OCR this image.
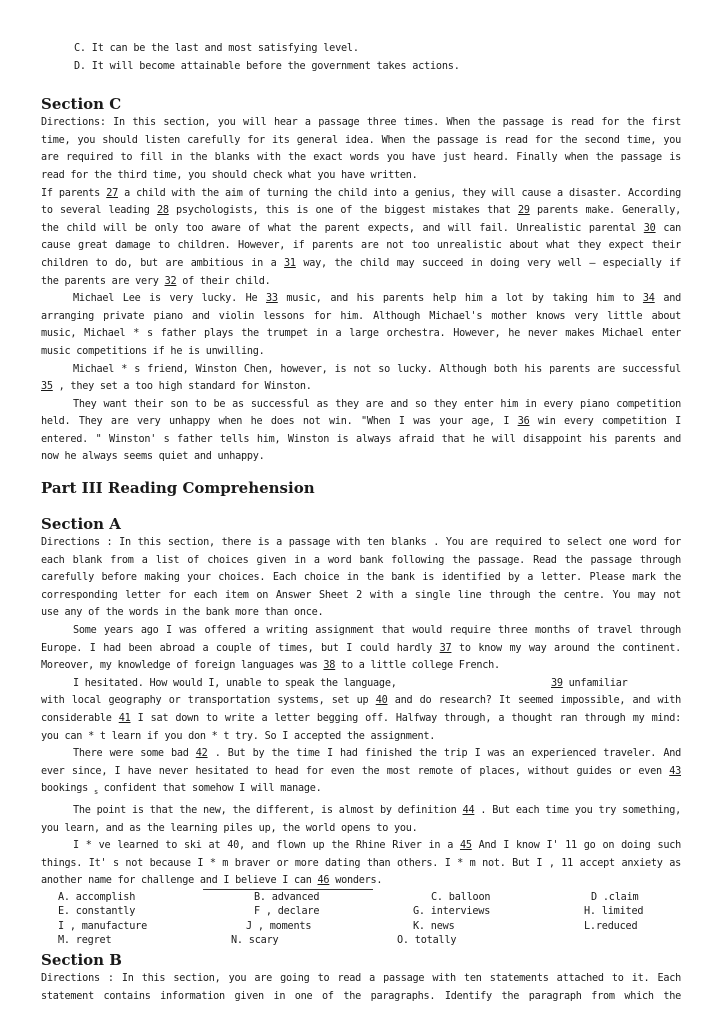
C. It can be the last and most satisfying level.
D. It will become attainable before the government takes actions.
Section C
Directions: In this section, you will hear a passage three times. When the passage is read for the first
time, you should listen carefully for its general idea. When the passage is read for the second time, you
are required to fill in the blanks with the exact words you have just heard. Finally when the passage is
read for the third time, you should check what you have written.
If parents 27 a child with the aim of turning the child into a genius, they will cause a disaster. According
to several leading 28 psychologists, this is one of the biggest mistakes that 29 parents make. Generally,
the child will be only too aware of what the parent expects, and will fail. Unrealistic parental 30 can
cause great damage to children. However, if parents are not too unrealistic about what they expect their
children to do, but are ambitious in a 31 way, the child may succeed in doing very well — especially if
the parents are very 32 of their child.
Michael Lee is very lucky. He 33 music, and his parents help him a lot by taking him to 34 and
arranging private piano and violin lessons for him. Although Michael's mother knows very little about
music, Michael * s father plays the trumpet in a large orchestra. However, he never makes Michael enter
music competitions if he is unwilling.
Michael * s friend, Winston Chen, however, is not so lucky. Although both his parents are successful
35 , they set a too high standard for Winston.
They want their son to be as successful as they are and so they enter him in every piano competition
held. They are very unhappy when he does not win. "When I was your age, I 36 win every competition I
entered. " Winston' s father tells him, Winston is always afraid that he will disappoint his parents and
now he always seems quiet and unhappy.
Part III Reading Comprehension
Section A
Directions : In this section, there is a passage with ten blanks . You are required to select one word for
each blank from a list of choices given in a word bank following the passage. Read the passage through
carefully before making your choices. Each choice in the bank is identified by a letter. Please mark the
corresponding letter for each item on Answer Sheet 2 with a single line through the centre. You may not
use any of the words in the bank more than once.
Some years ago I was offered a writing assignment that would require three months of travel through
Europe. I had been abroad a couple of times, but I could hardly 37 to know my way around the continent.
Moreover, my knowledge of foreign languages was 38 to a little college French.
I hesitated. How would I, unable to speak the language,	39 unfamiliar
with local geography or transportation systems, set up 40 and do research? It seemed impossible, and with
considerable 41 I sat down to write a letter begging off. Halfway through, a thought ran through my mind:
you can * t learn if you don * t try. So I accepted the assignment.
There were some bad 42 . But by the time I had finished the trip I was an experienced traveler. And
ever since, I have never hesitated to head for even the most remote of places, without guides or even 43
bookings $_s$ confident that somehow I will manage.
The point is that the new, the different, is almost by definition 44 . But each time you try something,
you learn, and as the learning piles up, the world opens to you.
I * ve learned to ski at 40, and flown up the Rhine River in a 45 And I know I' 11 go on doing such
things. It' s not because I * m braver or more dating than others. I * m not. But I , 11 accept anxiety as
another name for challenge and I believe I can 46 wonders.
A. accomplish	B. advanced	C. balloon	D .claim
E. constantly	F , declare	G. interviews	H. limited
I , manufacture	J , moments	K. news	L.reduced
M. regret	N. scary	O. totally
Section B
Directions : In this section, you are going to read a passage with ten statements attached to it. Each
statement contains information given in one of the paragraphs. Identify the paragraph from which the
